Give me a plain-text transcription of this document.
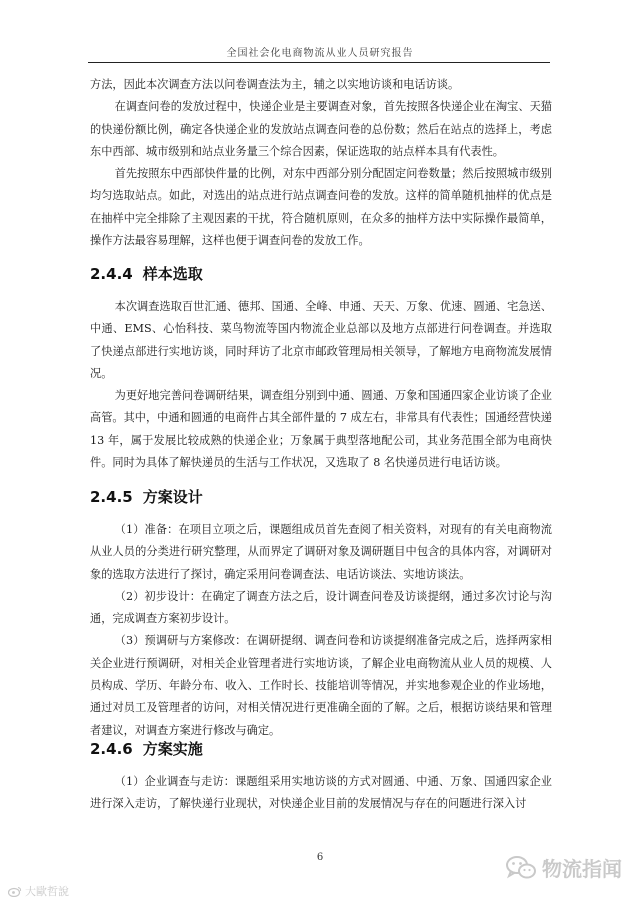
全国社会化电商物流从业人员研究报告

方法，因此本次调查方法以问卷调查法为主，辅之以实地访谈和电话访谈。

在调查问卷的发放过程中，快递企业是主要调查对象，首先按照各快递企业在淘宝、天猫的快递份额比例，确定各快递企业的发放站点调查问卷的总份数；然后在站点的选择上，考虑东中西部、城市级别和站点业务量三个综合因素，保证选取的站点样本具有代表性。

首先按照东中西部快件量的比例，对东中西部分别分配固定问卷数量；然后按照城市级别均匀选取站点。如此，对选出的站点进行站点调查问卷的发放。这样的简单随机抽样的优点是在抽样中完全排除了主观因素的干扰，符合随机原则，在众多的抽样方法中实际操作最简单，操作方法最容易理解，这样也便于调查问卷的发放工作。

2.4.4 样本选取

本次调查选取百世汇通、德邦、国通、全峰、申通、天天、万象、优速、圆通、宅急送、中通、EMS、心怡科技、菜鸟物流等国内物流企业总部以及地方点部进行问卷调查。并选取了快递点部进行实地访谈，同时拜访了北京市邮政管理局相关领导，了解地方电商物流发展情况。

为更好地完善问卷调研结果，调查组分别到中通、圆通、万象和国通四家企业访谈了企业高管。其中，中通和圆通的电商件占其全部件量的 7 成左右，非常具有代表性；国通经营快递 13 年，属于发展比较成熟的快递企业；万象属于典型落地配公司，其业务范围全部为电商快件。同时为具体了解快递员的生活与工作状况，又选取了 8 名快递员进行电话访谈。

2.4.5 方案设计

（1）准备：在项目立项之后，课题组成员首先查阅了相关资料，对现有的有关电商物流从业人员的分类进行研究整理，从而界定了调研对象及调研题目中包含的具体内容，对调研对象的选取方法进行了探讨，确定采用问卷调查法、电话访谈法、实地访谈法。

（2）初步设计：在确定了调查方法之后，设计调查问卷及访谈提纲，通过多次讨论与沟通，完成调查方案初步设计。

（3）预调研与方案修改：在调研提纲、调查问卷和访谈提纲准备完成之后，选择两家相关企业进行预调研，对相关企业管理者进行实地访谈，了解企业电商物流从业人员的规模、人员构成、学历、年龄分布、收入、工作时长、技能培训等情况，并实地参观企业的作业场地，通过对员工及管理者的访问，对相关情况进行更准确全面的了解。之后，根据访谈结果和管理者建议，对调查方案进行修改与确定。

2.4.6 方案实施

（1）企业调查与走访：课题组采用实地访谈的方式对圆通、中通、万象、国通四家企业进行深入走访，了解快递行业现状，对快递企业目前的发展情况与存在的问题进行深入讨

6
大歐哲說
物流指闻
